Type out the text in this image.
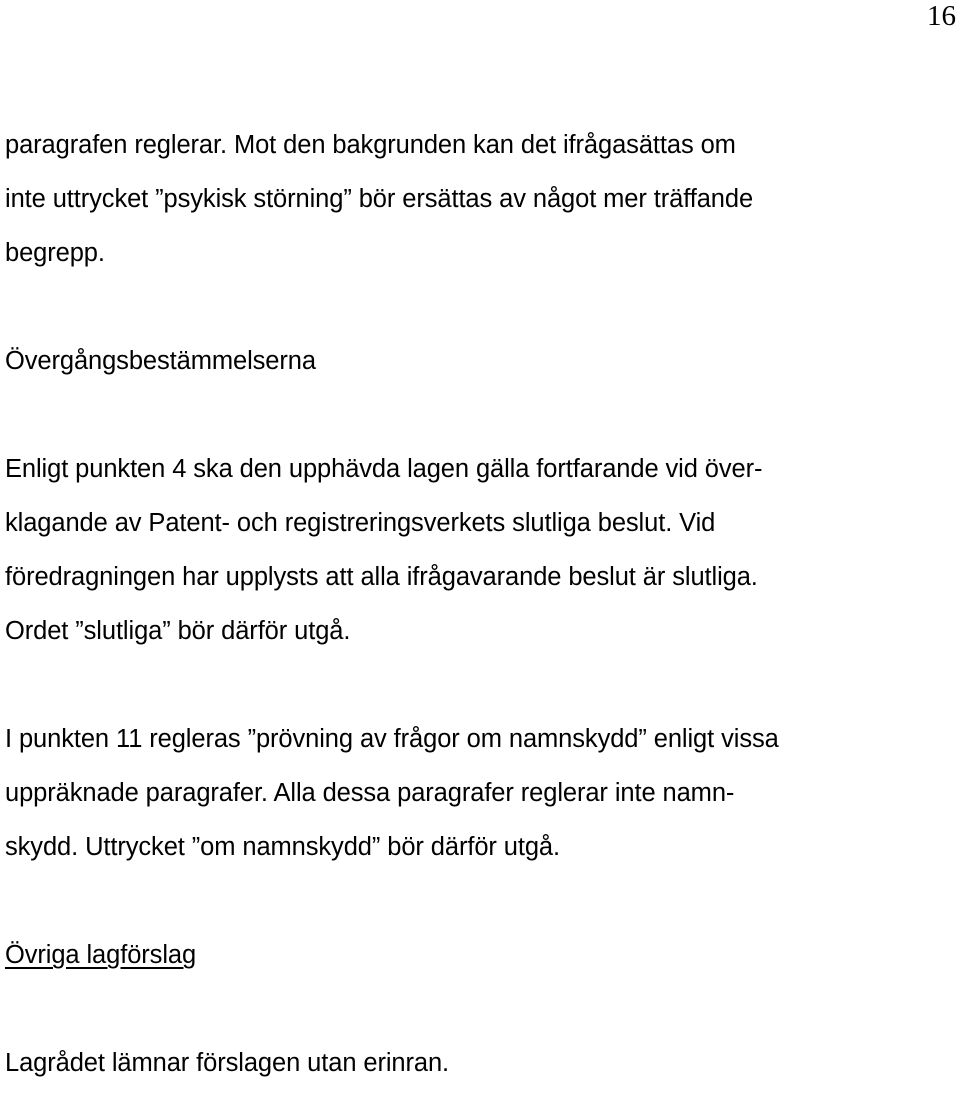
16
paragrafen reglerar. Mot den bakgrunden kan det ifrågasättas om
inte uttrycket ”psykisk störning” bör ersättas av något mer träffande
begrepp.
Övergångsbestämmelserna
Enligt punkten 4 ska den upphävda lagen gälla fortfarande vid över-
klagande av Patent- och registreringsverkets slutliga beslut. Vid
föredragningen har upplysts att alla ifrågavarande beslut är slutliga.
Ordet ”slutliga” bör därför utgå.
I punkten 11 regleras ”prövning av frågor om namnskydd” enligt vissa
uppräknade paragrafer. Alla dessa paragrafer reglerar inte namn-
skydd. Uttrycket ”om namnskydd” bör därför utgå.
Övriga lagförslag

Lagrådet lämnar förslagen utan erinran.
